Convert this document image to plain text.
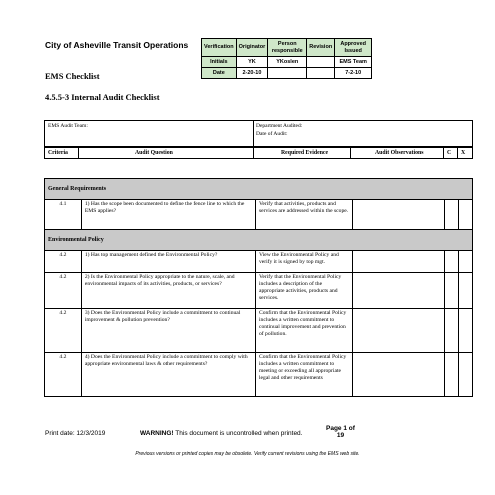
City of Asheville Transit Operations
EMS Checklist
4.5.5-3 Internal Audit Checklist
Verification	Originator	Person responsible	Revision	Approved Issued
Initials	YK	YKoslen		EMS Team
Date	2-20-10			7-2-10
EMS Audit Team:	Department Audited:
Date of Audit:
Criteria	Audit Question	Required Evidence	Audit Observations	C X
General Requirements					
4.1	1) Has the scope been documented to define the fence line to which the EMS applies?	Verify that activities, products and services are addressed within the scope.			
Environmental Policy					
4.2	1) Has top management defined the Environmental Policy?	View the Environmental Policy and verify it is signed by top mgt.			
4.2	2) Is the Environmental Policy appropriate to the nature, scale, and environmental impacts of its activities, products, or services?	Verify that the Environmental Policy includes a description of the appropriate activities, products and services.			
4.2	3) Does the Environmental Policy include a commitment to continual improvement & pollution prevention?	Confirm that the Environmental Policy includes a written commitment to continual improvement and prevention of pollution.			
4.2	4) Does the Environmental Policy include a commitment to comply with appropriate environmental laws & other requirements?	Confirm that the Environmental Policy includes a written commitment to meeting or exceeding all appropriate legal and other requirements			
Print date: 12/3/2019	WARNING! This document is uncontrolled when printed.
Page 1 of
19
Previous versions or printed copies may be obsolete. Verify current revisions using the EMS web site.
